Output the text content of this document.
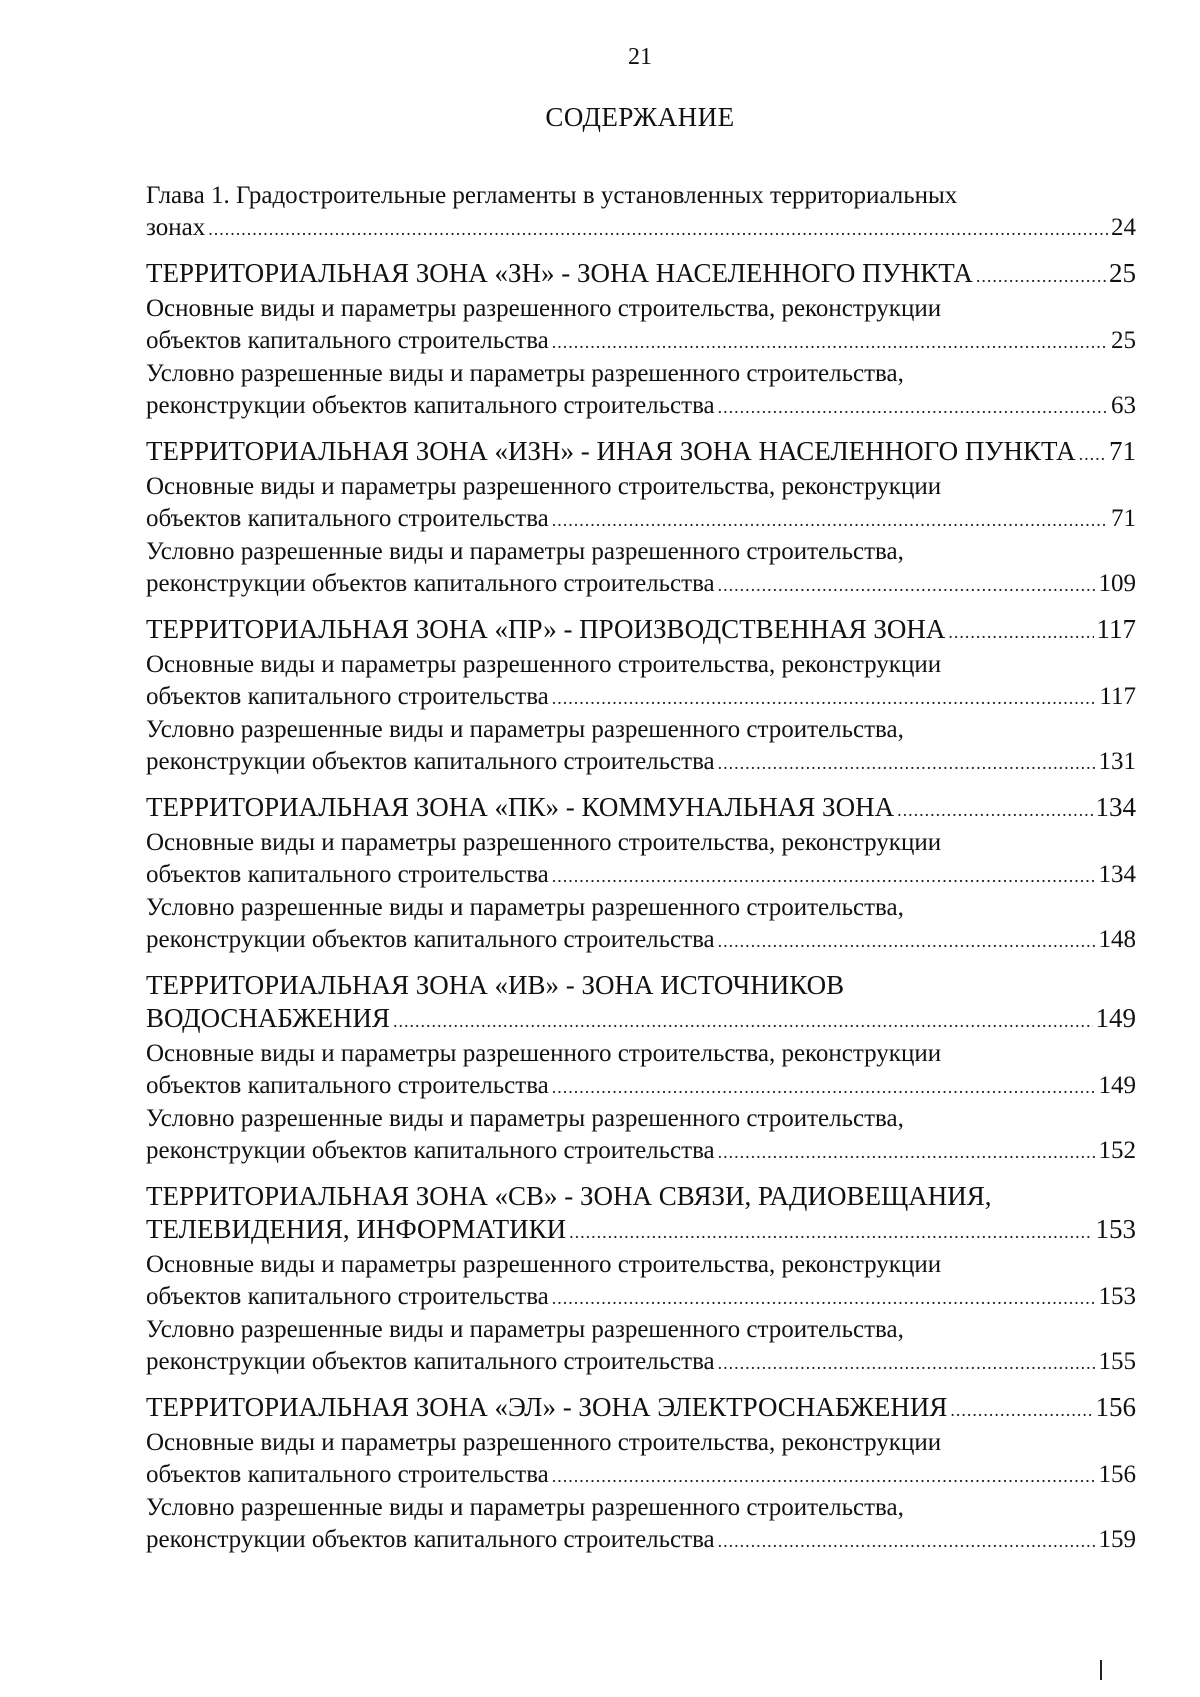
21
СОДЕРЖАНИЕ

Глава 1. Градостроительные регламенты в установленных территориальных

зонах .....	24
ТЕРРИТОРИАЛЬНАЯ ЗОНА «ЗН» - ЗОНА НАСЕЛЕННОГО ПУНКТА .....	25

Основные виды и параметры разрешенного строительства, реконструкции

объектов капитального строительства .....	25

Условно разрешенные виды и параметры разрешенного строительства,

реконструкции объектов капитального строительства .....	63
ТЕРРИТОРИАЛЬНАЯ ЗОНА «ИЗН» - ИНАЯ ЗОНА НАСЕЛЕННОГО ПУНКТА ..... 71

Основные виды и параметры разрешенного строительства, реконструкции

объектов капитального строительства .....	71

Условно разрешенные виды и параметры разрешенного строительства,

реконструкции объектов капитального строительства .....	109
ТЕРРИТОРИАЛЬНАЯ ЗОНА «ПР» - ПРОИЗВОДСТВЕННАЯ ЗОНА .....	117

Основные виды и параметры разрешенного строительства, реконструкции

объектов капитального строительства .....	117

Условно разрешенные виды и параметры разрешенного строительства,

реконструкции объектов капитального строительства .....	131
ТЕРРИТОРИАЛЬНАЯ ЗОНА «ПК» - КОММУНАЛЬНАЯ ЗОНА .....	134

Основные виды и параметры разрешенного строительства, реконструкции

объектов капитального строительства .....	134

Условно разрешенные виды и параметры разрешенного строительства,

реконструкции объектов капитального строительства .....	148

ТЕРРИТОРИАЛЬНАЯ ЗОНА «ИВ» - ЗОНА ИСТОЧНИКОВ

ВОДОСНАБЖЕНИЯ .....	149

Основные виды и параметры разрешенного строительства, реконструкции

объектов капитального строительства .....	149

Условно разрешенные виды и параметры разрешенного строительства,

реконструкции объектов капитального строительства .....	152

ТЕРРИТОРИАЛЬНАЯ ЗОНА «СВ» - ЗОНА СВЯЗИ, РАДИОВЕЩАНИЯ,

ТЕЛЕВИДЕНИЯ, ИНФОРМАТИКИ .....	153

Основные виды и параметры разрешенного строительства, реконструкции

объектов капитального строительства .....	153

Условно разрешенные виды и параметры разрешенного строительства,

реконструкции объектов капитального строительства .....	155
ТЕРРИТОРИАЛЬНАЯ ЗОНА «ЭЛ» - ЗОНА ЭЛЕКТРОСНАБЖЕНИЯ .....	156

Основные виды и параметры разрешенного строительства, реконструкции

объектов капитального строительства .....	156

Условно разрешенные виды и параметры разрешенного строительства,

реконструкции объектов капитального строительства .....	159
